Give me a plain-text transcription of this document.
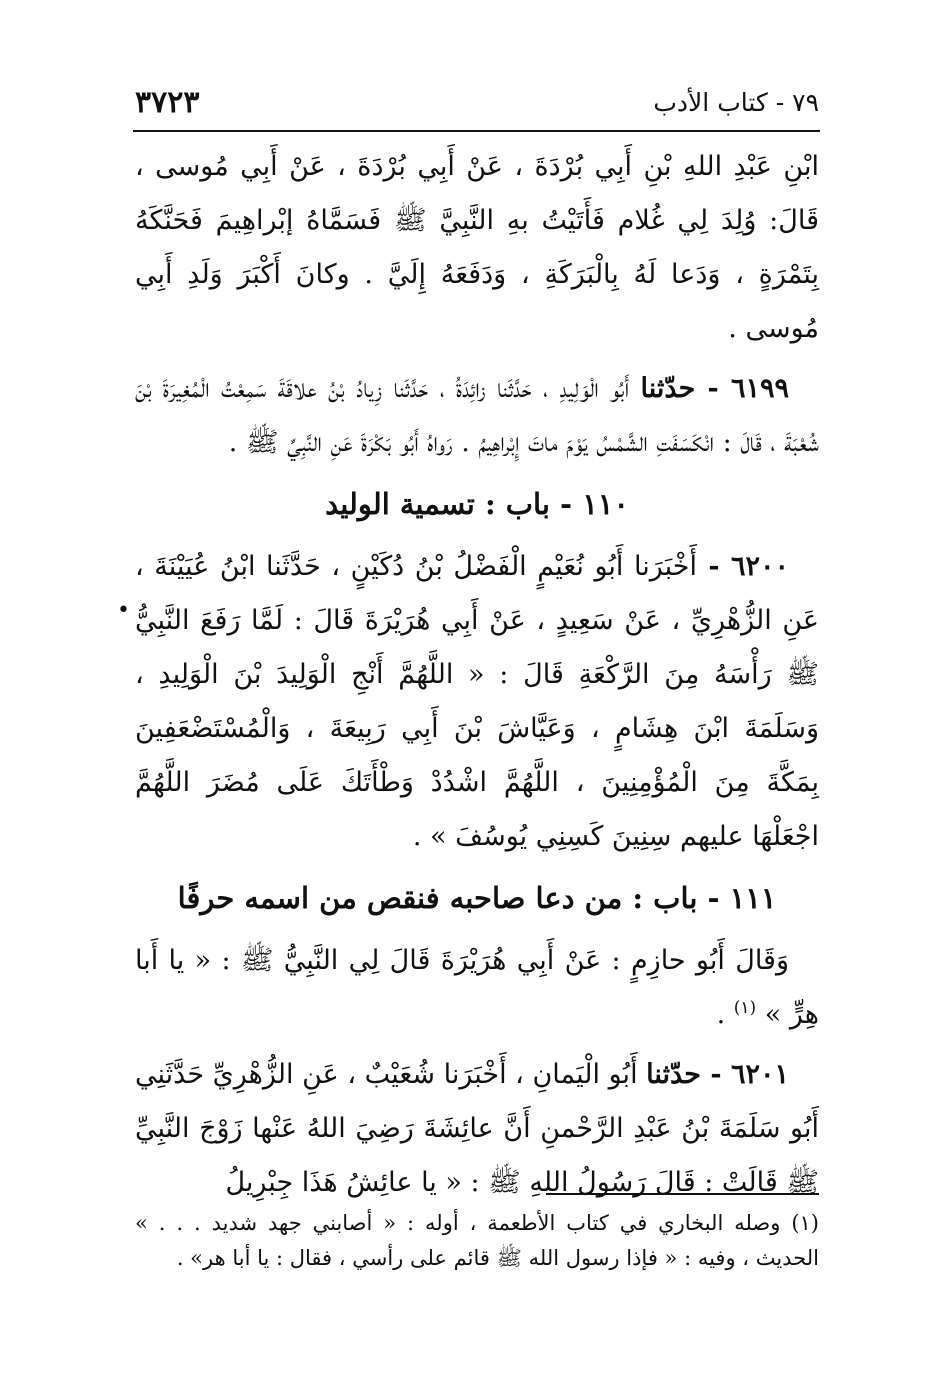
٧٩ - كتاب الأدب
٣٧٢٣
•

ابْنِ عَبْدِ اللهِ بْنِ أَبِي بُرْدَةَ ، عَنْ أَبِي بُرْدَةَ ، عَنْ أَبِي مُوسى ، قَالَ: وُلِدَ لِي غُلام فَأَتَيْتُ بهِ النَّبِيَّ ﷺ فَسَمَّاهُ إبْراهِيمَ فَحَنَّكَهُ بِتَمْرَةٍ ، وَدَعا لَهُ بِالْبَرَكَةِ ، وَدَفَعَهُ إِلَيَّ . وكانَ أَكْبَرَ وَلَدِ أَبِي مُوسى .

٦١٩٩ - حدّثنا أَبُو الْوَلِيدِ ، حَدَّثَنا زائِدَةُ ، حَدَّثَنا زِيادُ بْنُ علاقَةَ سَمِعْتُ الْمُغِيرَةَ بْنَ شُعْبَةَ ، قَالَ : انْكَسَفَتِ الشَّمْسُ يَوْمَ ماتَ إِبْراهِيمُ . رَواهُ أَبُو بَكْرَةَ عَنِ النَّبِيِّ ﷺ .

١١٠ - باب : تسمية الوليد

٦٢٠٠ - أَخْبَرَنا أَبُو نُعَيْمٍ الْفَضْلُ بْنُ دُكَيْنٍ ، حَدَّثَنا ابْنُ عُيَيْنَةَ ، عَنِ الزُّهْرِيِّ ، عَنْ سَعِيدٍ ، عَنْ أَبِي هُرَيْرَةَ قَالَ : لَمَّا رَفَعَ النَّبِيُّ ﷺ رَأْسَهُ مِنَ الرَّكْعَةِ قَالَ : « اللَّهُمَّ أَنْجِ الْوَلِيدَ بْنَ الْوَلِيدِ ، وَسَلَمَةَ ابْنَ هِشَامٍ ، وَعَيَّاشَ بْنَ أَبِي رَبِيعَةَ ، وَالْمُسْتَضْعَفِينَ بِمَكَّةَ مِنَ الْمُؤْمِنِينَ ، اللَّهُمَّ اشْدُدْ وَطْأَتَكَ عَلَى مُضَرَ اللَّهُمَّ اجْعَلْهَا عليهم سِنِينَ كَسِنِي يُوسُفَ » .

١١١ - باب : من دعا صاحبه فنقص من اسمه حرفًا

وَقَالَ أَبُو حازِمٍ : عَنْ أَبِي هُرَيْرَةَ قَالَ لِي النَّبِيُّ ﷺ : « يا أَبا هِرٍّ » $^{(١)}$ .

٦٢٠١ - حدّثنا أَبُو الْيَمانِ ، أَخْبَرَنا شُعَيْبٌ ، عَنِ الزُّهْرِيِّ حَدَّثَنِي أَبُو سَلَمَةَ بْنُ عَبْدِ الرَّحْمنِ أَنَّ عائِشَةَ رَضِيَ اللهُ عَنْها زَوْجَ النَّبِيِّ ﷺ قَالَتْ : قَالَ رَسُولُ اللهِ ﷺ : « يا عائِشُ هَذَا جِبْرِيلُ

(١) وصله البخاري في كتاب الأطعمة ، أوله : « أصابني جهد شديد . . . » الحديث ، وفيه : « فإذا رسول الله ﷺ قائم على رأسي ، فقال : يا أبا هر» .
